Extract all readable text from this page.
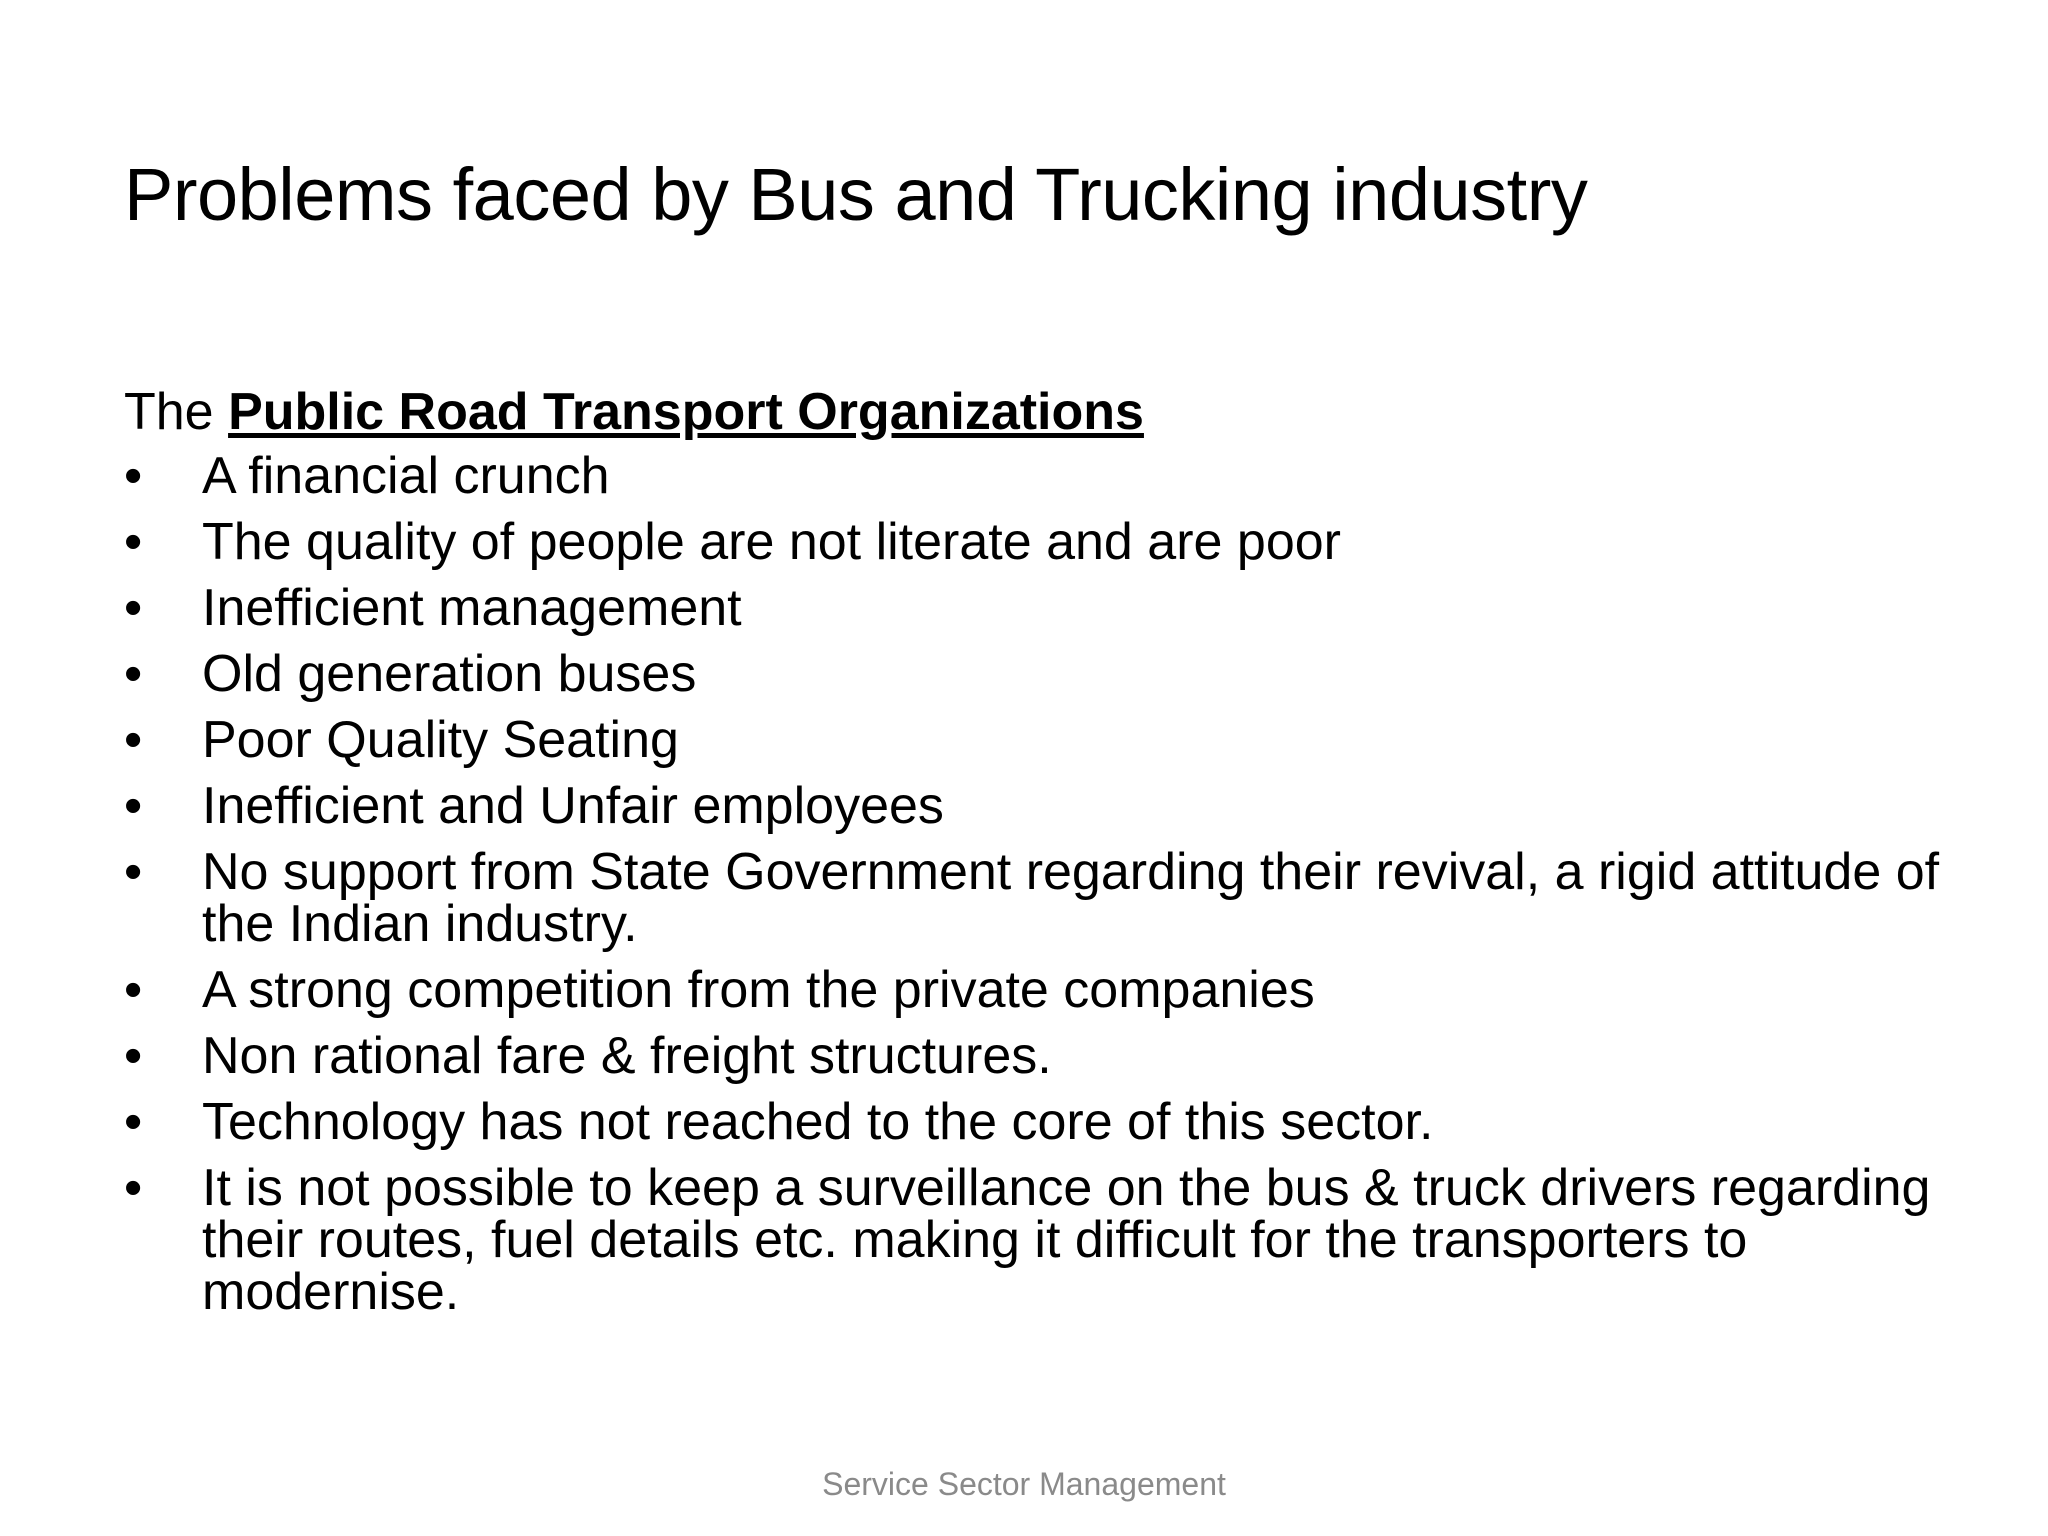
Problems faced by Bus and Trucking industry

The Public Road Transport Organizations

•	A financial crunch
•	The quality of people are not literate and are poor
•	Inefficient management
•	Old generation buses
•	Poor Quality Seating
•	Inefficient and Unfair employees
•	No support from State Government regarding their revival, a rigid attitude of the Indian industry.
•	A strong competition from the private companies
•	Non rational fare & freight structures.
•	Technology has not reached to the core of this sector.
•	It is not possible to keep a surveillance on the bus & truck drivers regarding their routes, fuel details etc. making it difficult for the transporters to modernise.
Service Sector Management
